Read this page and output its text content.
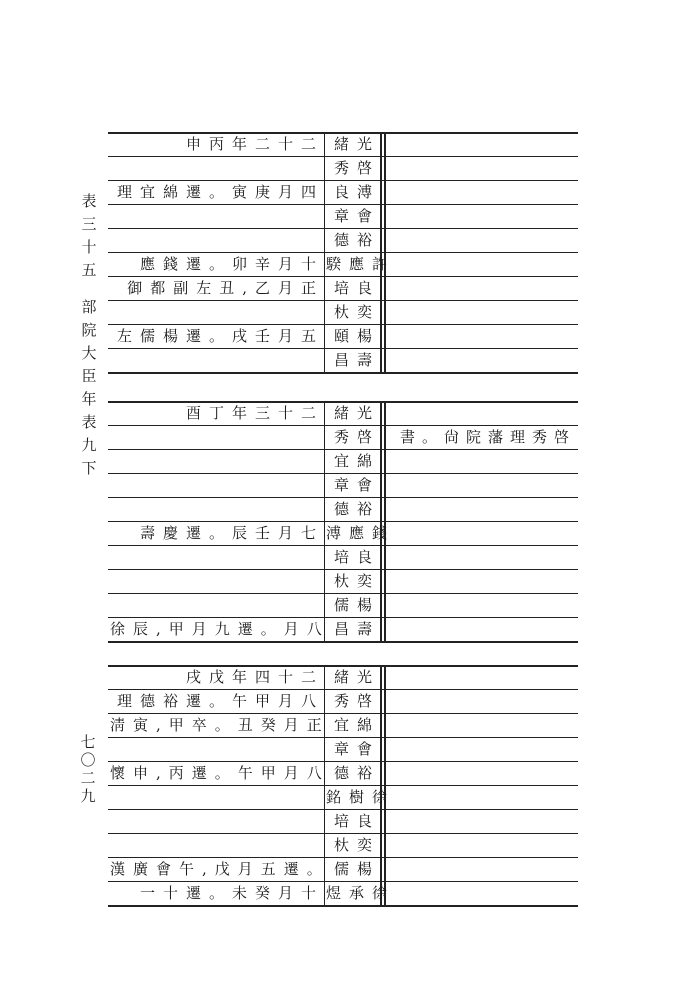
表三十五
部院大臣年表九下
七〇二九
申丙年二十二 緒光
秀啓
理宜綿遷。寅庚月四 良溥
章會
德裕
應錢遷。卯辛月十 騤應許
御都副左丑,乙月正 培良
杕奕
左儒楊遷。戌壬月五 頤楊
昌壽
酉丁年三十二 緒光
秀啓	書。尙院藩理秀啓
宜綿
章會
德裕
壽慶遷。辰壬月七 溥應錢
培良
杕奕
儒楊
徐辰,甲月九遷。月八 昌壽
戌戊年四十二 緒光
理德裕遷。午甲月八 秀啓
淸寅,甲卒。丑癸月正 宜綿
章會
懷申,丙遷。午甲月八 德裕
銘樹徐
培良
杕奕
漢廣會午,戊月五遷。 儒楊
一十遷。未癸月十 煜承徐
